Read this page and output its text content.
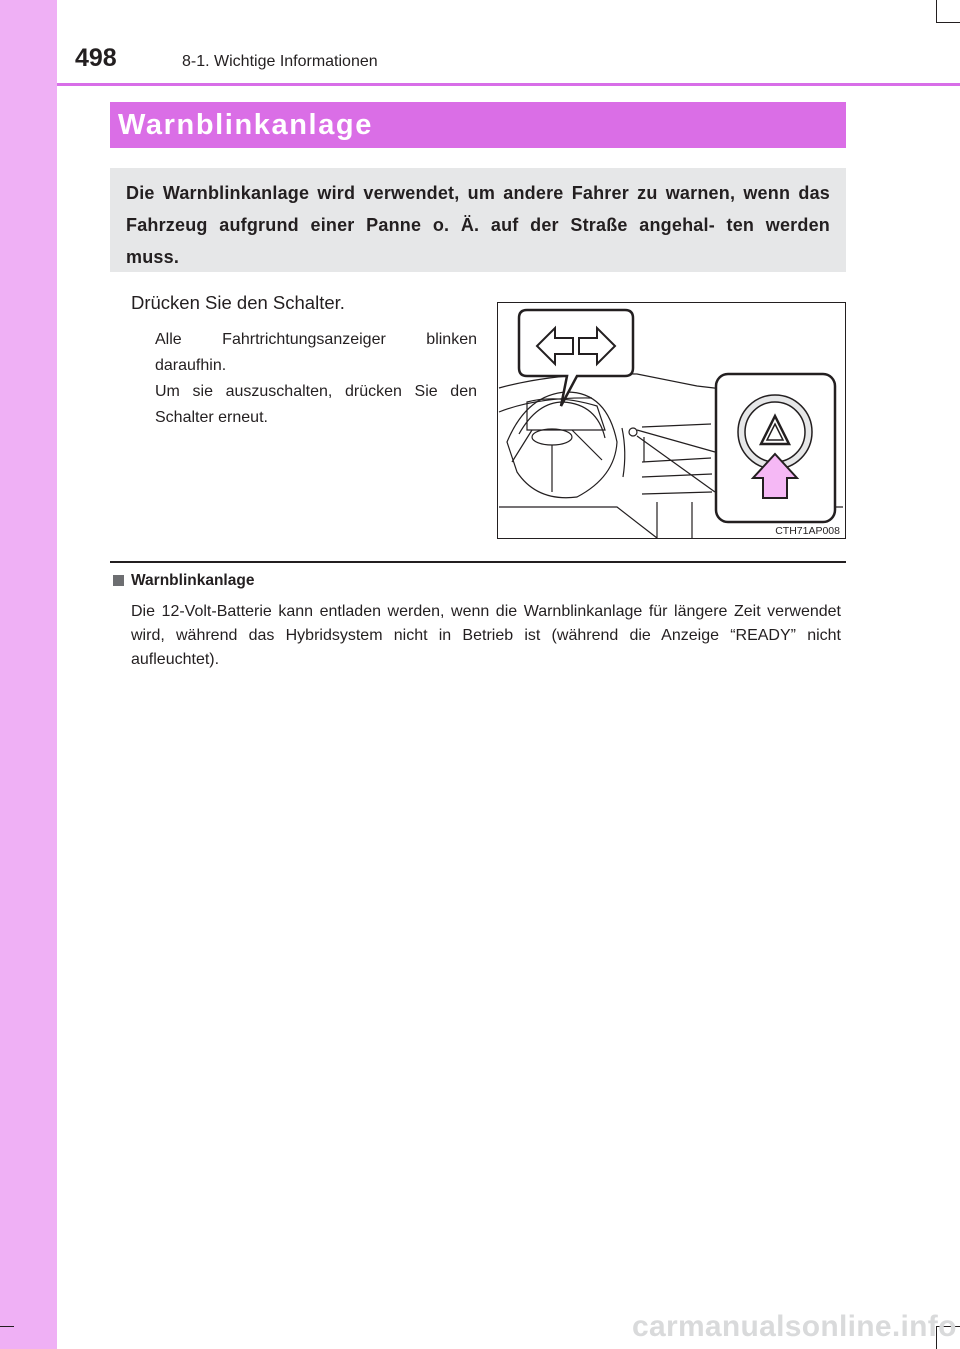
498	8-1. Wichtige Informationen
Warnblinkanlage

Die Warnblinkanlage wird verwendet, um andere Fahrer zu warnen, wenn das Fahrzeug aufgrund einer Panne o. Ä. auf der Straße angehal- ten werden muss.

Drücken Sie den Schalter.

Alle Fahrtrichtungsanzeiger blinken daraufhin.
Um sie auszuschalten, drücken Sie den Schalter erneut.

CTH71AP008
Warnblinkanlage

Die 12-Volt-Batterie kann entladen werden, wenn die Warnblinkanlage für längere Zeit verwendet wird, während das Hybridsystem nicht in Betrieb ist (während die Anzeige “READY” nicht aufleuchtet).

carmanualsonline.info
